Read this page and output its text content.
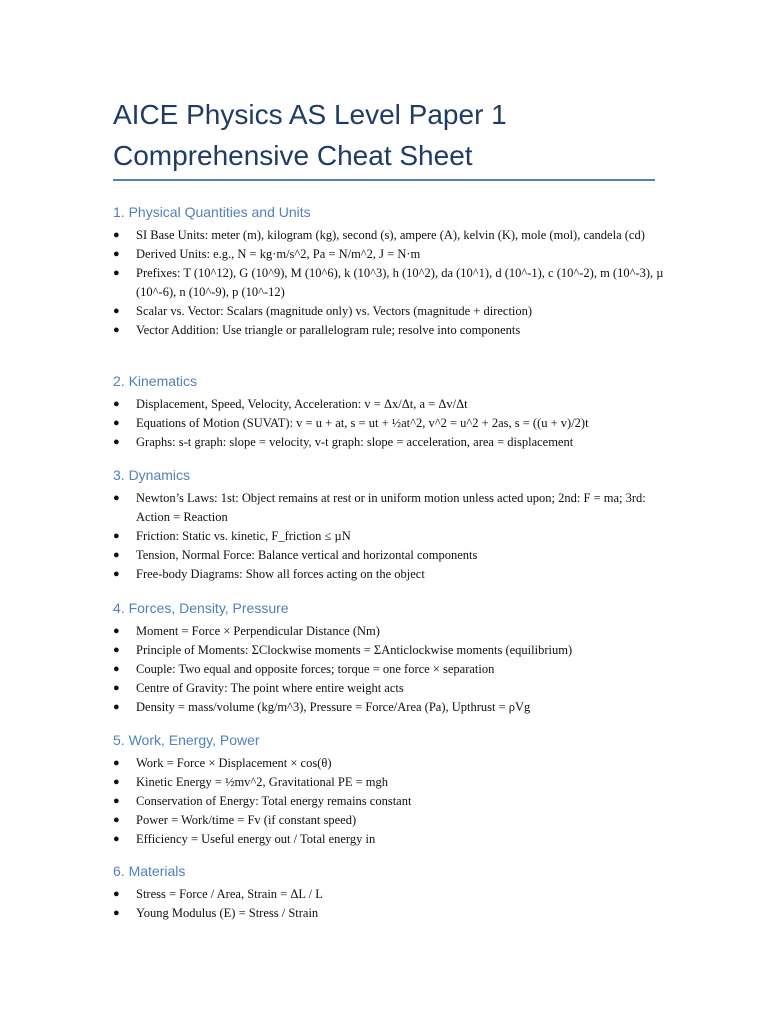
AICE Physics AS Level Paper 1
Comprehensive Cheat Sheet
1. Physical Quantities and Units
● SI Base Units: meter (m), kilogram (kg), second (s), ampere (A), kelvin (K), mole (mol), candela (cd)
● Derived Units: e.g., N = kg·m/s^2, Pa = N/m^2, J = N·m
● Prefixes: T (10^12), G (10^9), M (10^6), k (10^3), h (10^2), da (10^1), d (10^-1), c (10^-2), m (10^-3), µ (10^-6), n (10^-9), p (10^-12)
● Scalar vs. Vector: Scalars (magnitude only) vs. Vectors (magnitude + direction)
● Vector Addition: Use triangle or parallelogram rule; resolve into components
2. Kinematics
● Displacement, Speed, Velocity, Acceleration: v = Δx/Δt, a = Δv/Δt
● Equations of Motion (SUVAT): v = u + at, s = ut + ½at^2, v^2 = u^2 + 2as, s = ((u + v)/2)t
● Graphs: s-t graph: slope = velocity, v-t graph: slope = acceleration, area = displacement
3. Dynamics
● Newton’s Laws: 1st: Object remains at rest or in uniform motion unless acted upon; 2nd: F = ma; 3rd: Action = Reaction
● Friction: Static vs. kinetic, F_friction ≤ µN
● Tension, Normal Force: Balance vertical and horizontal components
● Free-body Diagrams: Show all forces acting on the object
4. Forces, Density, Pressure
● Moment = Force × Perpendicular Distance (Nm)
● Principle of Moments: ΣClockwise moments = ΣAnticlockwise moments (equilibrium)
● Couple: Two equal and opposite forces; torque = one force × separation
● Centre of Gravity: The point where entire weight acts
● Density = mass/volume (kg/m^3), Pressure = Force/Area (Pa), Upthrust = ρVg
5. Work, Energy, Power
● Work = Force × Displacement × cos(θ)
● Kinetic Energy = ½mv^2, Gravitational PE = mgh
● Conservation of Energy: Total energy remains constant
● Power = Work/time = Fv (if constant speed)
● Efficiency = Useful energy out / Total energy in
6. Materials
● Stress = Force / Area, Strain = ΔL / L
● Young Modulus (E) = Stress / Strain
